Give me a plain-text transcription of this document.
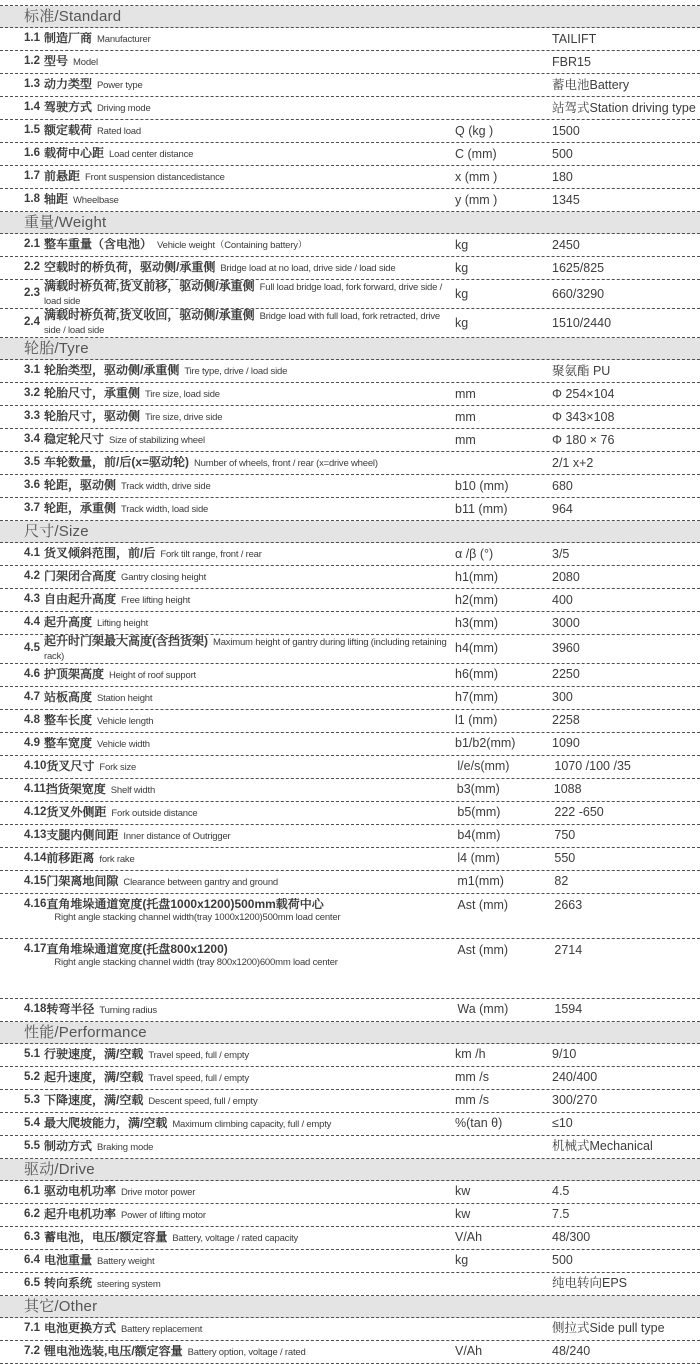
标准/Standard
1.1 制造厂商 Manufacturer	TAILIFT
1.2 型号 Model	FBR15
1.3 动力类型 Power type	蓄电池Battery
1.4 驾驶方式 Driving mode	站驾式Station driving type
1.5 额定载荷 Rated load	Q (kg )	1500
1.6 载荷中心距 Load center distance	C (mm)	500
1.7 前悬距 Front suspension distancedistance	x (mm )	180
1.8 轴距 Wheelbase	y (mm )	1345
重量/Weight
2.1 整车重量（含电池） Vehicle weight（Containing battery）	kg	2450
2.2 空载时的桥负荷，驱动侧/承重侧 Bridge load at no load, drive side / load side	kg	1625/825
2.3
满载时桥负荷,货叉前移，驱动侧/承重侧 Full load bridge load, fork forward, drive side / load side
kg	660/3290
2.4
满载时桥负荷,货叉收回，驱动侧/承重侧 Bridge load with full load, fork retracted, drive side / load side
kg	1510/2440
轮胎/Tyre
3.1 轮胎类型，驱动侧/承重侧 Tire type, drive / load side	聚氨酯 PU
3.2 轮胎尺寸，承重侧 Tire size, load side	mm	Φ 254×104
3.3 轮胎尺寸，驱动侧 Tire size, drive side	mm	Φ 343×108
3.4 稳定轮尺寸 Size of stabilizing wheel	mm	Φ 180 × 76
3.5 车轮数量，前/后(x=驱动轮) Number of wheels, front / rear (x=drive wheel)	2/1 x+2
3.6 轮距，驱动侧 Track width, drive side	b10 (mm)	680
3.7 轮距，承重侧 Track width, load side	b11 (mm)	964
尺寸/Size
4.1 货叉倾斜范围，前/后 Fork tilt range, front / rear	α /β (°)	3/5
4.2 门架闭合高度 Gantry closing height	h1(mm)	2080
4.3 自由起升高度 Free lifting height	h2(mm)	400
4.4 起升高度 Lifting height	h3(mm)	3000
4.5
起升时门架最大高度(含挡货架) Maximum height of gantry during lifting (including retaining rack)
h4(mm)	3960
4.6 护顶架高度 Height of roof support	h6(mm)	2250
4.7 站板高度 Station height	h7(mm)	300
4.8 整车长度 Vehicle length	l1 (mm)	2258
4.9 整车宽度 Vehicle width	b1/b2(mm)	1090
4.10 货叉尺寸 Fork size	l/e/s(mm)	1070 /100 /35
4.11 挡货架宽度 Shelf width	b3(mm)	1088
4.12 货叉外侧距 Fork outside distance	b5(mm)	222 -650
4.13 支腿内侧间距 Inner distance of Outrigger	b4(mm)	750
4.14 前移距离 fork rake	l4 (mm)	550
4.15 门架离地间隙 Clearance between gantry and ground	m1(mm)	82
4.16 直角堆垛通道宽度(托盘1000x1200)500mm载荷中心
Right angle stacking channel width(tray 1000x1200)500mm load center
Ast (mm)	2663
4.17 直角堆垛通道宽度(托盘800x1200)
Right angle stacking channel width (tray 800x1200)600mm load center
Ast (mm)	2714
4.18 转弯半径 Turning radius	Wa (mm)	1594
性能/Performance
5.1 行驶速度，满/空载 Travel speed, full / empty	km /h	9/10
5.2 起升速度，满/空载 Travel speed, full / empty	mm /s	240/400
5.3 下降速度，满/空载 Descent speed, full / empty	mm /s	300/270
5.4 最大爬坡能力，满/空载 Maximum climbing capacity, full / empty	%(tan θ)	≤10
5.5 制动方式 Braking mode	机械式Mechanical
驱动/Drive
6.1 驱动电机功率 Drive motor power	kw	4.5
6.2 起升电机功率 Power of lifting motor	kw	7.5
6.3 蓄电池，电压/额定容量 Battery, voltage / rated capacity	V/Ah	48/300
6.4 电池重量 Battery weight	kg	500
6.5 转向系统 steering system	纯电转向EPS
其它/Other
7.1 电池更换方式 Battery replacement	侧拉式Side pull type
7.2 锂电池选装,电压/额定容量 Battery option, voltage / rated	V/Ah	48/240
